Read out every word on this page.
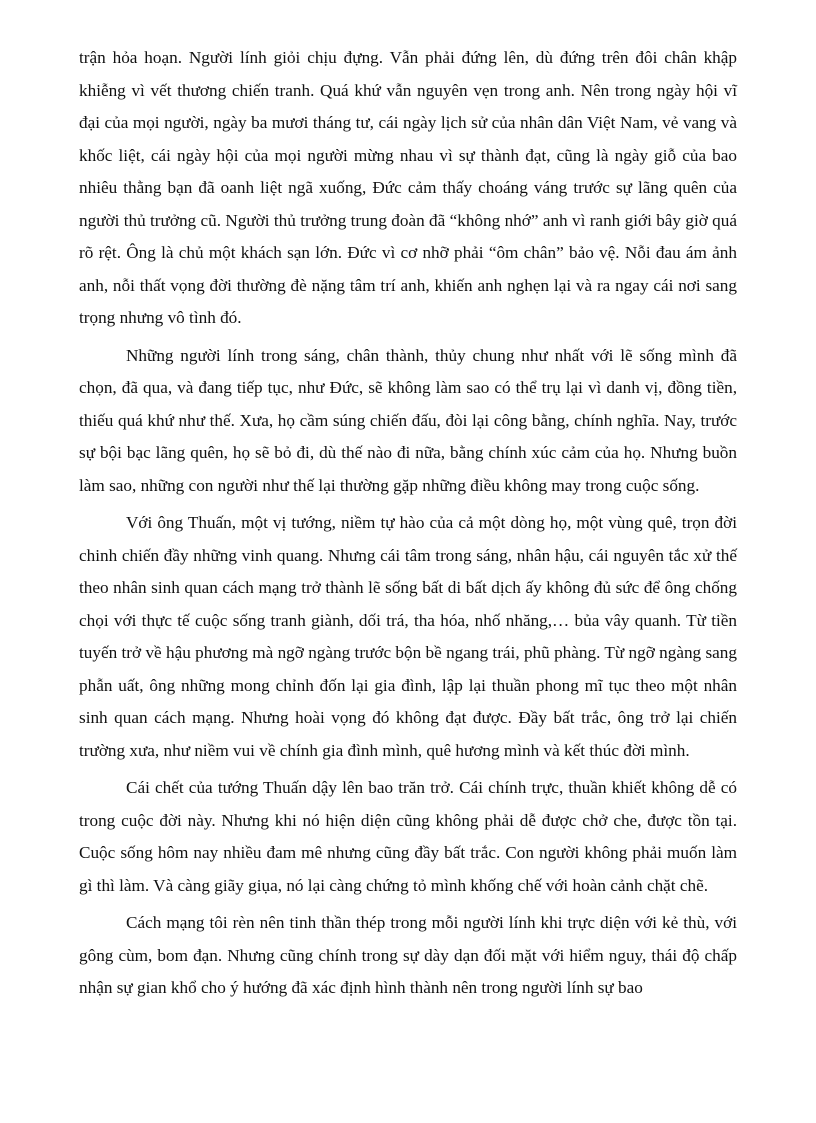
trận hỏa hoạn. Người lính giỏi chịu đựng. Vẫn phải đứng lên, dù đứng trên đôi chân khập khiễng vì vết thương chiến tranh. Quá khứ vẫn nguyên vẹn trong anh. Nên trong ngày hội vĩ đại của mọi người, ngày ba mươi tháng tư, cái ngày lịch sử của nhân dân Việt Nam, vẻ vang và khốc liệt, cái ngày hội của mọi người mừng nhau vì sự thành đạt, cũng là ngày giỗ của bao nhiêu thằng bạn đã oanh liệt ngã xuống, Đức cảm thấy choáng váng trước sự lãng quên của người thủ trưởng cũ. Người thủ trưởng trung đoàn đã “không nhớ” anh vì ranh giới bây giờ quá rõ rệt. Ông là chủ một khách sạn lớn. Đức vì cơ nhỡ phải “ôm chân” bảo vệ. Nỗi đau ám ảnh anh, nỗi thất vọng đời thường đè nặng tâm trí anh, khiến anh nghẹn lại và ra ngay cái nơi sang trọng nhưng vô tình đó.

Những người lính trong sáng, chân thành, thủy chung như nhất với lẽ sống mình đã chọn, đã qua, và đang tiếp tục, như Đức, sẽ không làm sao có thể trụ lại vì danh vị, đồng tiền, thiếu quá khứ như thế. Xưa, họ cầm súng chiến đấu, đòi lại công bằng, chính nghĩa. Nay, trước sự bội bạc lãng quên, họ sẽ bỏ đi, dù thế nào đi nữa, bằng chính xúc cảm của họ. Nhưng buồn làm sao, những con người như thế lại thường gặp những điều không may trong cuộc sống.

Với ông Thuấn, một vị tướng, niềm tự hào của cả một dòng họ, một vùng quê, trọn đời chinh chiến đầy những vinh quang. Nhưng cái tâm trong sáng, nhân hậu, cái nguyên tắc xử thế theo nhân sinh quan cách mạng trở thành lẽ sống bất di bất dịch ấy không đủ sức để ông chống chọi với thực tế cuộc sống tranh giành, dối trá, tha hóa, nhố nhăng,… bủa vây quanh. Từ tiền tuyến trở về hậu phương mà ngỡ ngàng trước bộn bề ngang trái, phũ phàng. Từ ngỡ ngàng sang phẫn uất, ông những mong chỉnh đốn lại gia đình, lập lại thuần phong mĩ tục theo một nhân sinh quan cách mạng. Nhưng hoài vọng đó không đạt được. Đầy bất trắc, ông trở lại chiến trường xưa, như niềm vui về chính gia đình mình, quê hương mình và kết thúc đời mình.

Cái chết của tướng Thuấn dậy lên bao trăn trở. Cái chính trực, thuần khiết không dễ có trong cuộc đời này. Nhưng khi nó hiện diện cũng không phải dễ được chở che, được tồn tại. Cuộc sống hôm nay nhiều đam mê nhưng cũng đầy bất trắc. Con người không phải muốn làm gì thì làm. Và càng giãy giụa, nó lại càng chứng tỏ mình khống chế với hoàn cảnh chặt chẽ.

Cách mạng tôi rèn nên tinh thần thép trong mỗi người lính khi trực diện với kẻ thù, với gông cùm, bom đạn. Nhưng cũng chính trong sự dày dạn đối mặt với hiểm nguy, thái độ chấp nhận sự gian khổ cho ý hướng đã xác định hình thành nên trong người lính sự bao
